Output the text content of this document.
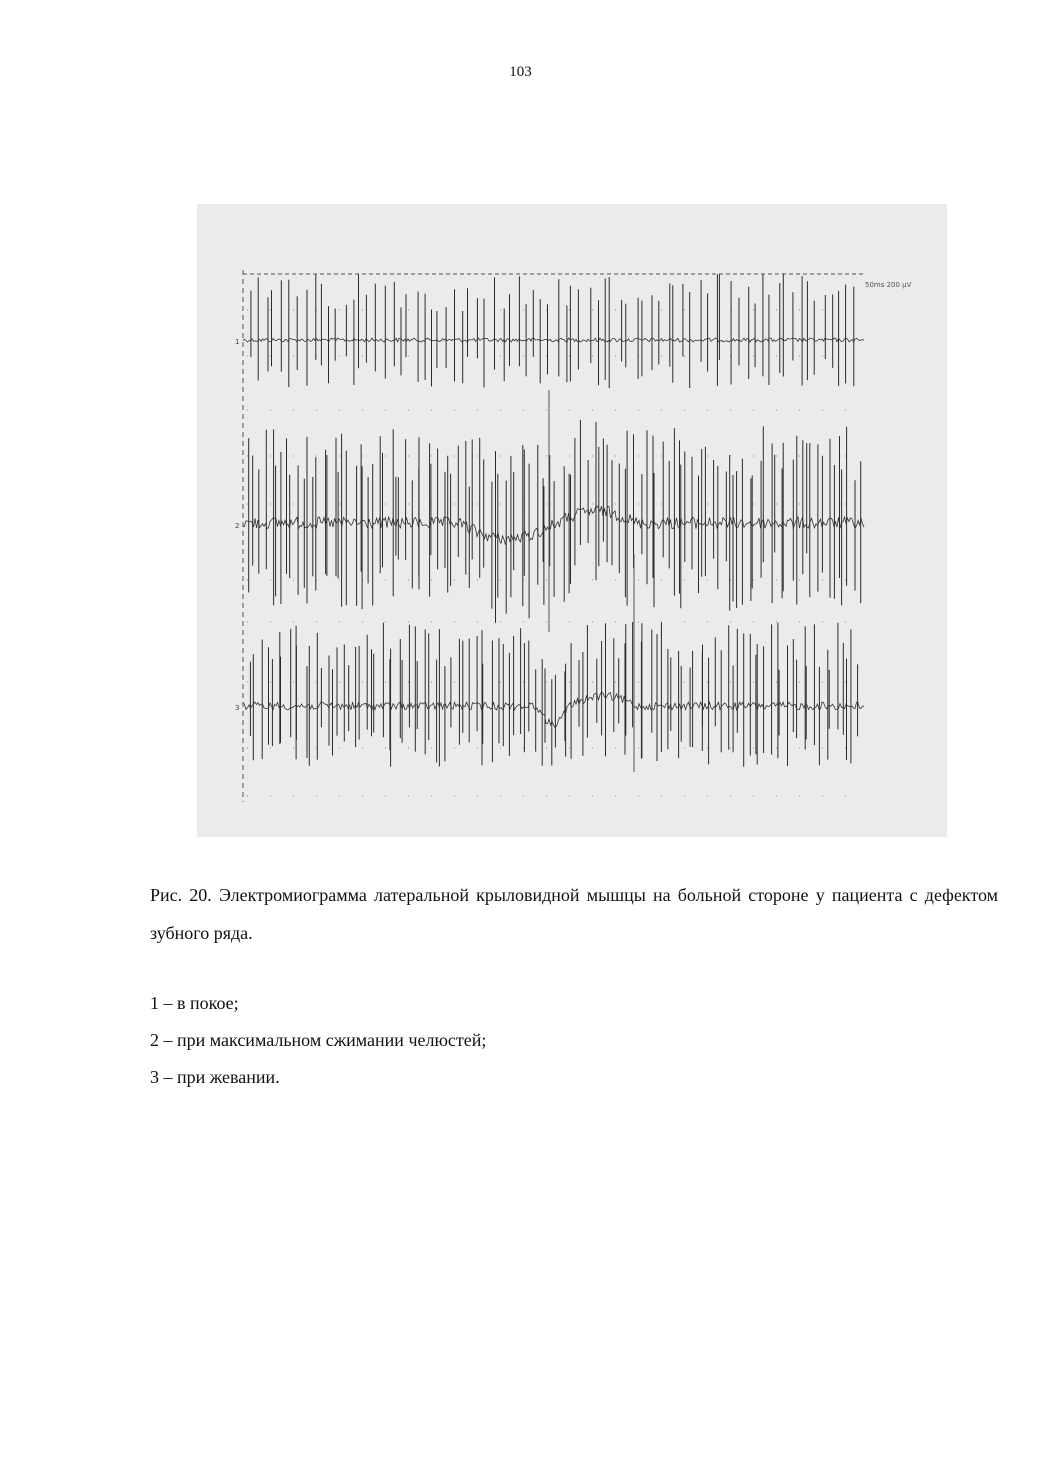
103
50ms 200 μV
1
2
3
Рис. 20. Электромиограмма латеральной крыловидной мышцы на больной стороне у пациента с дефектом зубного ряда.
1 – в покое;
2 – при максимальном сжимании челюстей;
3 – при жевании.
